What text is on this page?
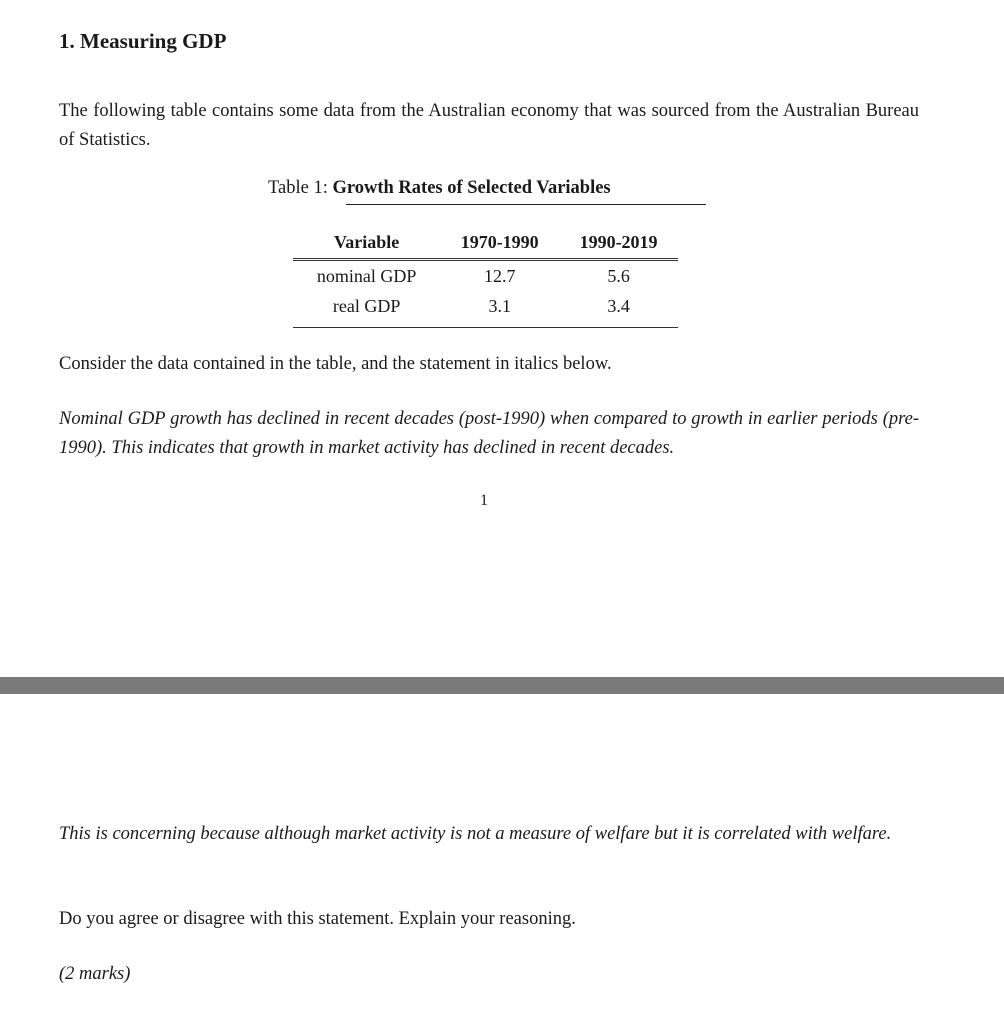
1. Measuring GDP
The following table contains some data from the Australian economy that was sourced from the Australian Bureau of Statistics.
Table 1: Growth Rates of Selected Variables
Variable	1970-1990	1990-2019
nominal GDP	12.7	5.6
real GDP	3.1	3.4
Consider the data contained in the table, and the statement in italics below.
Nominal GDP growth has declined in recent decades (post-1990) when compared to growth in earlier periods (pre-1990). This indicates that growth in market activity has declined in recent decades.
1
This is concerning because although market activity is not a measure of welfare but it is correlated with welfare.
Do you agree or disagree with this statement. Explain your reasoning.
(2 marks)
